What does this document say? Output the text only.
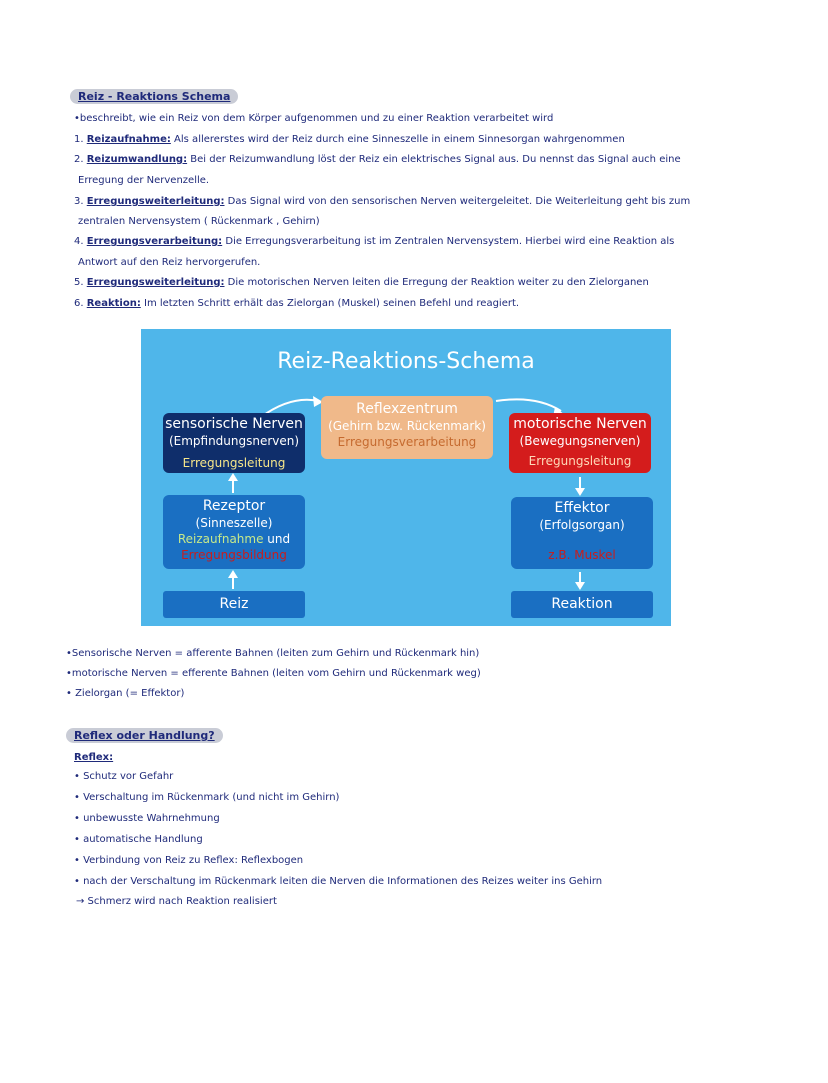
Reiz - Reaktions Schema
•beschreibt, wie ein Reiz von dem Körper aufgenommen und zu einer Reaktion verarbeitet wird
1. Reizaufnahme: Als allererstes wird der Reiz durch eine Sinneszelle in einem Sinnesorgan wahrgenommen
2. Reizumwandlung: Bei der Reizumwandlung löst der Reiz ein elektrisches Signal aus. Du nennst das Signal auch eine
Erregung der Nervenzelle.
3. Erregungsweiterleitung: Das Signal wird von den sensorischen Nerven weitergeleitet. Die Weiterleitung geht bis zum
zentralen Nervensystem ( Rückenmark , Gehirn)
4. Erregungsverarbeitung: Die Erregungsverarbeitung ist im Zentralen Nervensystem. Hierbei wird eine Reaktion als
Antwort auf den Reiz hervorgerufen.
5. Erregungsweiterleitung: Die motorischen Nerven leiten die Erregung der Reaktion weiter zu den Zielorganen
6. Reaktion: Im letzten Schritt erhält das Zielorgan (Muskel) seinen Befehl und reagiert.
Reiz-Reaktions-Schema
sensorische Nerven
(Empfindungsnerven)
Erregungsleitung
Reflexzentrum
(Gehirn bzw. Rückenmark)
Erregungsverarbeitung
motorische Nerven
(Bewegungsnerven)
Erregungsleitung
Rezeptor
(Sinneszelle)
Reizaufnahme und
Erregungsbildung
Effektor
(Erfolgsorgan)
z.B. Muskel
Reiz	Reaktion
•Sensorische Nerven = afferente Bahnen (leiten zum Gehirn und Rückenmark hin)
•motorische Nerven = efferente Bahnen (leiten vom Gehirn und Rückenmark weg)
• Zielorgan (= Effektor)
Reflex oder Handlung?
Reflex:
• Schutz vor Gefahr
• Verschaltung im Rückenmark (und nicht im Gehirn)
• unbewusste Wahrnehmung
• automatische Handlung
• Verbindung von Reiz zu Reflex: Reflexbogen
• nach der Verschaltung im Rückenmark leiten die Nerven die Informationen des Reizes weiter ins Gehirn
→ Schmerz wird nach Reaktion realisiert
